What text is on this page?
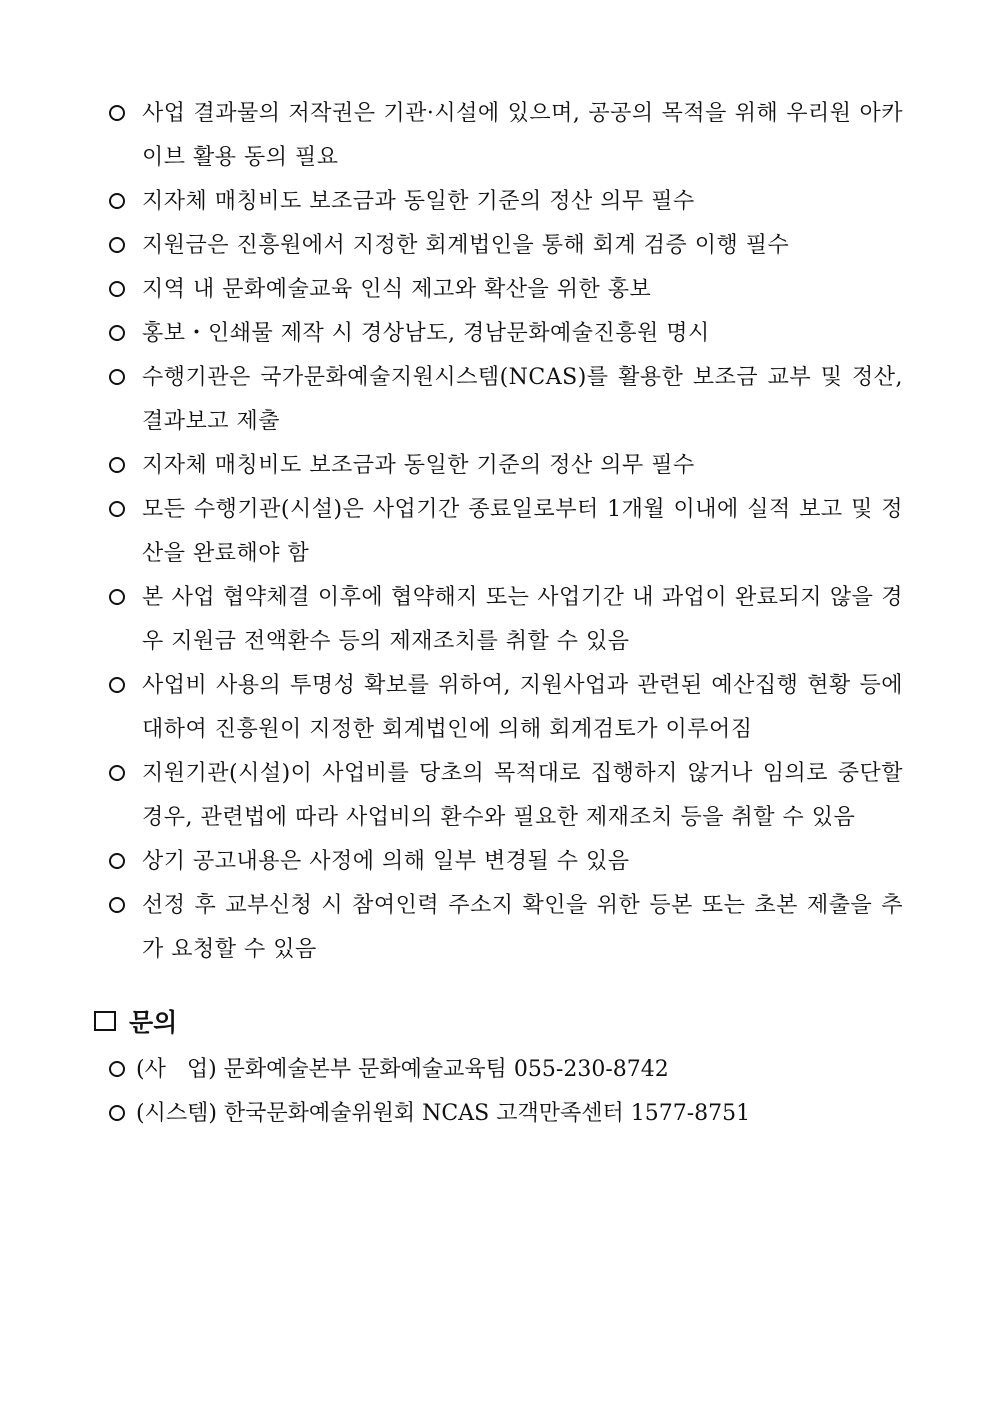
사업 결과물의 저작권은 기관·시설에 있으며, 공공의 목적을 위해 우리원 아카이브 활용 동의 필요
지자체 매칭비도 보조금과 동일한 기준의 정산 의무 필수
지원금은 진흥원에서 지정한 회계법인을 통해 회계 검증 이행 필수
지역 내 문화예술교육 인식 제고와 확산을 위한 홍보
홍보・인쇄물 제작 시 경상남도, 경남문화예술진흥원 명시
수행기관은 국가문화예술지원시스템(NCAS)를 활용한 보조금 교부 및 정산, 결과보고 제출
지자체 매칭비도 보조금과 동일한 기준의 정산 의무 필수
모든 수행기관(시설)은 사업기간 종료일로부터 1개월 이내에 실적 보고 및 정산을 완료해야 함
본 사업 협약체결 이후에 협약해지 또는 사업기간 내 과업이 완료되지 않을 경우 지원금 전액환수 등의 제재조치를 취할 수 있음
사업비 사용의 투명성 확보를 위하여, 지원사업과 관련된 예산집행 현황 등에 대하여 진흥원이 지정한 회계법인에 의해 회계검토가 이루어짐
지원기관(시설)이 사업비를 당초의 목적대로 집행하지 않거나 임의로 중단할 경우, 관련법에 따라 사업비의 환수와 필요한 제재조치 등을 취할 수 있음
상기 공고내용은 사정에 의해 일부 변경될 수 있음
선정 후 교부신청 시 참여인력 주소지 확인을 위한 등본 또는 초본 제출을 추가 요청할 수 있음
문의
(사   업) 문화예술본부 문화예술교육팀 055-230-8742
(시스템) 한국문화예술위원회 NCAS 고객만족센터 1577-8751
